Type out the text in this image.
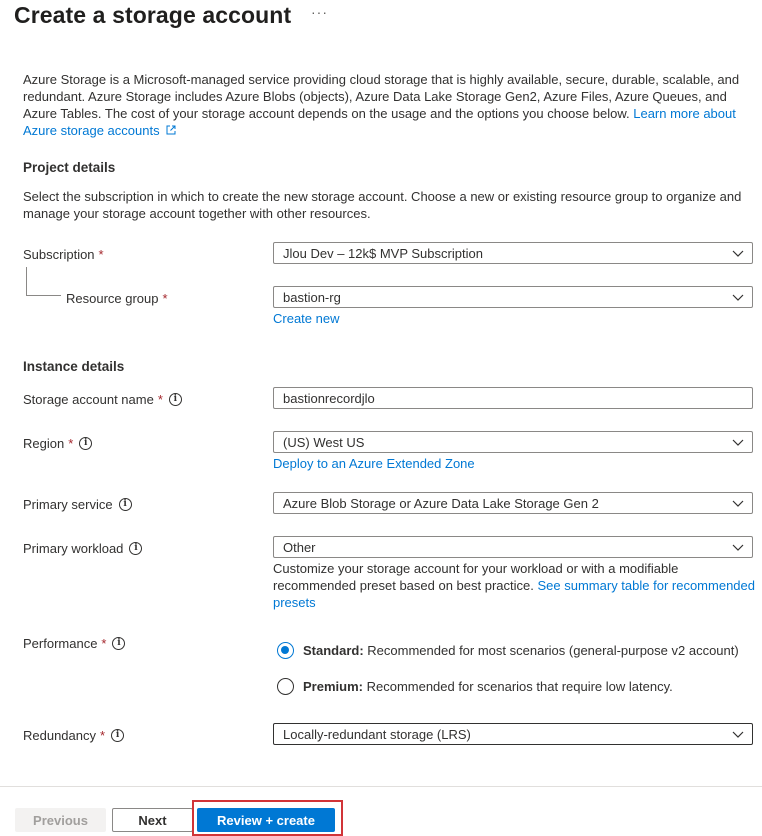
Create a storage account ···
Azure Storage is a Microsoft-managed service providing cloud storage that is highly available, secure, durable, scalable, and redundant. Azure Storage includes Azure Blobs (objects), Azure Data Lake Storage Gen2, Azure Files, Azure Queues, and Azure Tables. The cost of your storage account depends on the usage and the options you choose below. Learn more about Azure storage accounts
Project details
Select the subscription in which to create the new storage account. Choose a new or existing resource group to organize and manage your storage account together with other resources.
Subscription *	Jlou Dev – 12k$ MVP Subscription
Resource group *	bastion-rg
Create new
Instance details
Storage account name *	i	bastionrecordjlo
Region *	i	(US) West US
Deploy to an Azure Extended Zone
Primary service	i	Azure Blob Storage or Azure Data Lake Storage Gen 2
Primary workload	i	Other
Customize your storage account for your workload or with a modifiable recommended preset based on best practice. See summary table for recommended presets
Performance *	i	Standard: Recommended for most scenarios (general-purpose v2 account)
Premium: Recommended for scenarios that require low latency.
Redundancy *	i	Locally-redundant storage (LRS)
Previous	Next	Review + create
